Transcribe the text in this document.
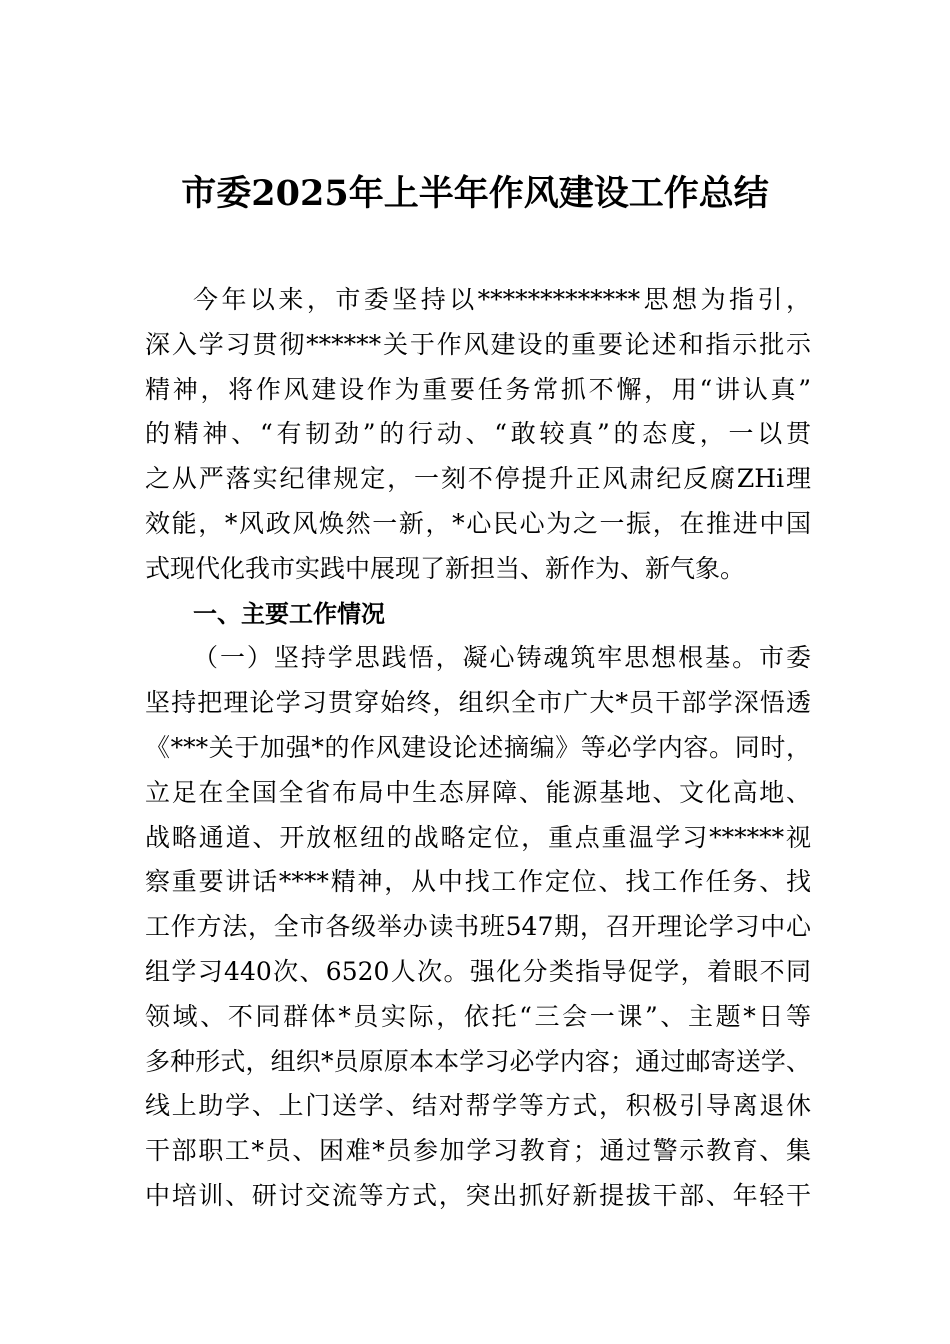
市委2025年上半年作风建设工作总结
今年以来，市委坚持以*************思想为指引，
深入学习贯彻******关于作风建设的重要论述和指示批示
精神，将作风建设作为重要任务常抓不懈，用“讲认真”
的精神、“有韧劲”的行动、“敢较真”的态度，一以贯
之从严落实纪律规定，一刻不停提升正风肃纪反腐ZHi理
效能，*风政风焕然一新，*心民心为之一振，在推进中国
式现代化我市实践中展现了新担当、新作为、新气象。
一、主要工作情况
（一）坚持学思践悟，凝心铸魂筑牢思想根基。市委
坚持把理论学习贯穿始终，组织全市广大*员干部学深悟透
《***关于加强*的作风建设论述摘编》等必学内容。同时，
立足在全国全省布局中生态屏障、能源基地、文化高地、
战略通道、开放枢纽的战略定位，重点重温学习******视
察重要讲话****精神，从中找工作定位、找工作任务、找
工作方法，全市各级举办读书班547期，召开理论学习中心
组学习440次、6520人次。强化分类指导促学，着眼不同
领域、不同群体*员实际，依托“三会一课”、主题*日等
多种形式，组织*员原原本本学习必学内容；通过邮寄送学、
线上助学、上门送学、结对帮学等方式，积极引导离退休
干部职工*员、困难*员参加学习教育；通过警示教育、集
中培训、研讨交流等方式，突出抓好新提拔干部、年轻干
